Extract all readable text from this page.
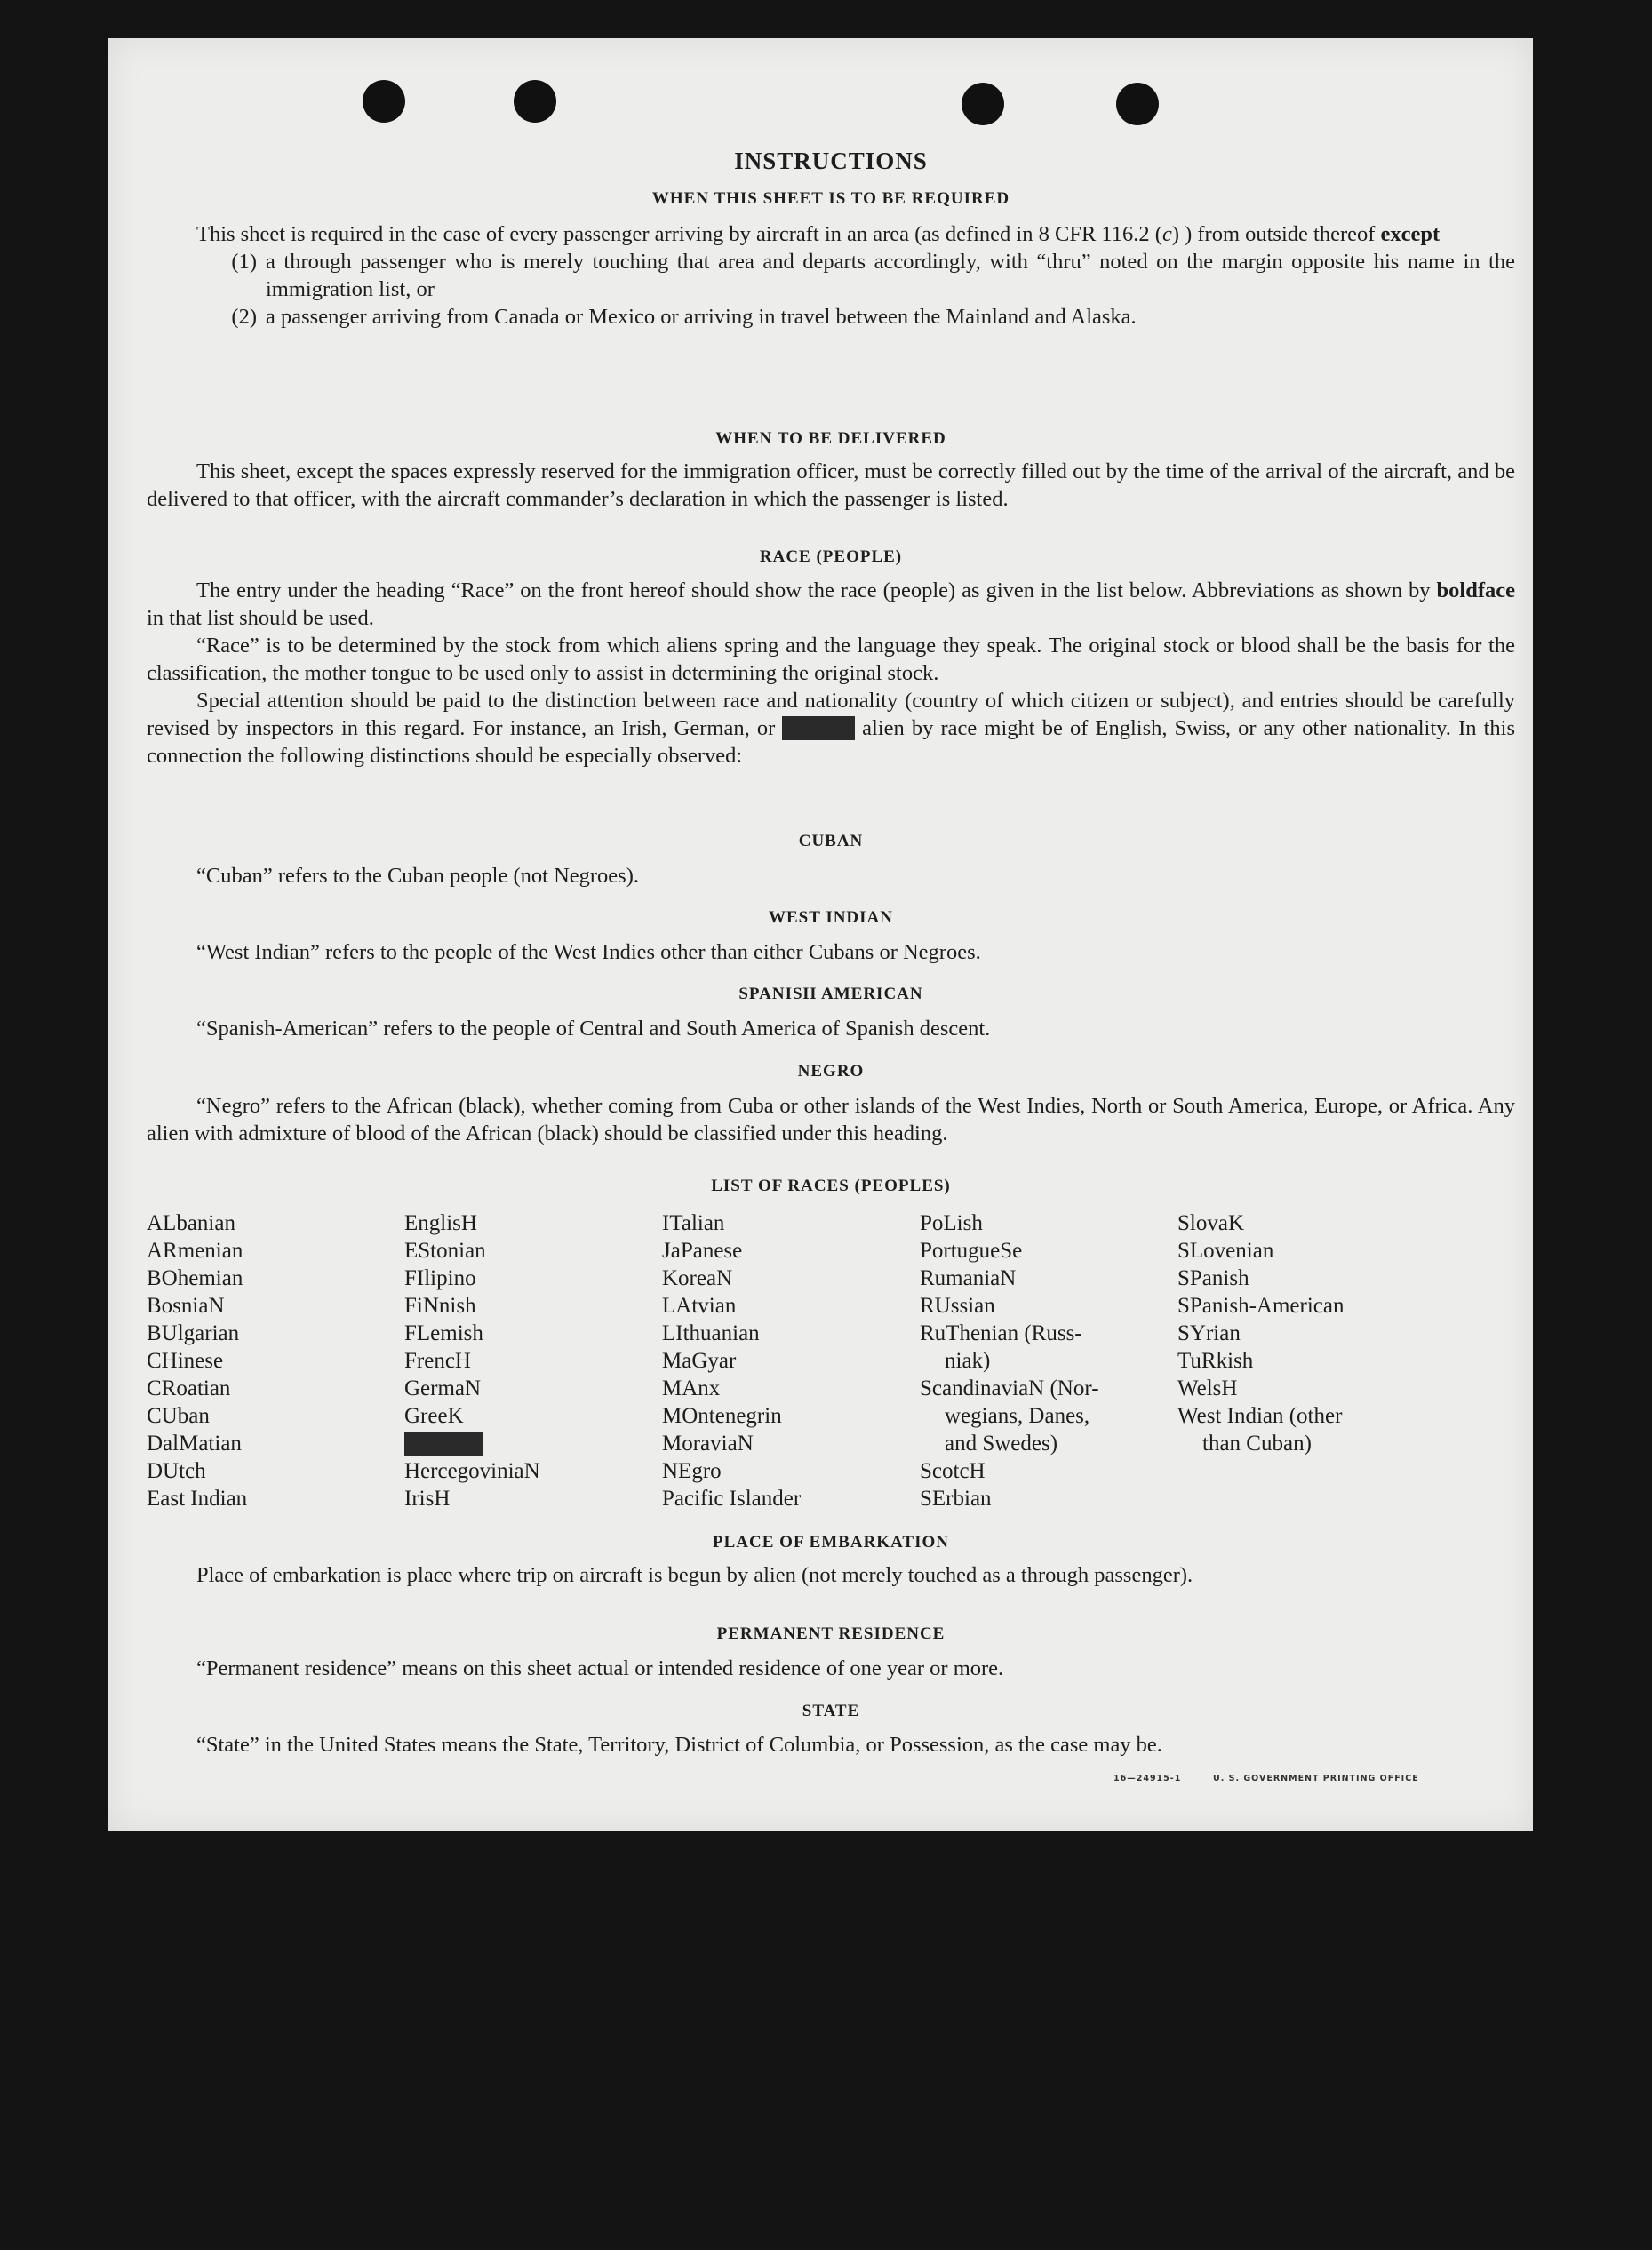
INSTRUCTIONS
WHEN THIS SHEET IS TO BE REQUIRED
This sheet is required in the case of every passenger arriving by aircraft in an area (as defined in 8 CFR 116.2 (c) ) from outside thereof except
(1) a through passenger who is merely touching that area and departs accordingly, with “thru” noted on the margin opposite his name in the immigration list, or
(2) a passenger arriving from Canada or Mexico or arriving in travel between the Mainland and Alaska.
WHEN TO BE DELIVERED
This sheet, except the spaces expressly reserved for the immigration officer, must be correctly filled out by the time of the arrival of the aircraft, and be delivered to that officer, with the aircraft commander’s declaration in which the passenger is listed.
RACE (PEOPLE)
The entry under the heading “Race” on the front hereof should show the race (people) as given in the list below. Abbreviations as shown by boldface in that list should be used.
“Race” is to be determined by the stock from which aliens spring and the language they speak. The original stock or blood shall be the basis for the classification, the mother tongue to be used only to assist in determining the original stock.
Special attention should be paid to the distinction between race and nationality (country of which citizen or subject), and entries should be carefully revised by inspectors in this regard. For instance, an Irish, German, or Hebrew alien by race might be of English, Swiss, or any other nationality. In this connection the following distinctions should be especially observed:
CUBAN
“Cuban” refers to the Cuban people (not Negroes).
WEST INDIAN
“West Indian” refers to the people of the West Indies other than either Cubans or Negroes.
SPANISH AMERICAN
“Spanish-American” refers to the people of Central and South America of Spanish descent.
NEGRO
“Negro” refers to the African (black), whether coming from Cuba or other islands of the West Indies, North or South America, Europe, or Africa. Any alien with admixture of blood of the African (black) should be classified under this heading.
LIST OF RACES (PEOPLES)
ALbanian
ARmenian
BOhemian
BosniaN
BUlgarian
CHinese
CRoatian
CUban
DalMatian
DUtch
East Indian
EnglisH
EStonian
FIlipino
FiNnish
FLemish
FrencH
GermaN
GreeK
HebreW
HercegoviniaN
IrisH
ITalian
JaPanese
KoreaN
LAtvian
LIthuanian
MaGyar
MAnx
MOntenegrin
MoraviaN
NEgro
Pacific Islander
PoLish
PortugueSe
RumaniaN
RUssian
RuThenian (Russ-
niak)
ScandinaviaN (Nor-
wegians, Danes,
and Swedes)
ScotcH
SErbian
SlovaK
SLovenian
SPanish
SPanish-American
SYrian
TuRkish
WelsH
West Indian (other
than Cuban)
PLACE OF EMBARKATION
Place of embarkation is place where trip on aircraft is begun by alien (not merely touched as a through passenger).
PERMANENT RESIDENCE
“Permanent residence” means on this sheet actual or intended residence of one year or more.
STATE
“State” in the United States means the State, Territory, District of Columbia, or Possession, as the case may be.
16—24915-1	U. S. GOVERNMENT PRINTING OFFICE
